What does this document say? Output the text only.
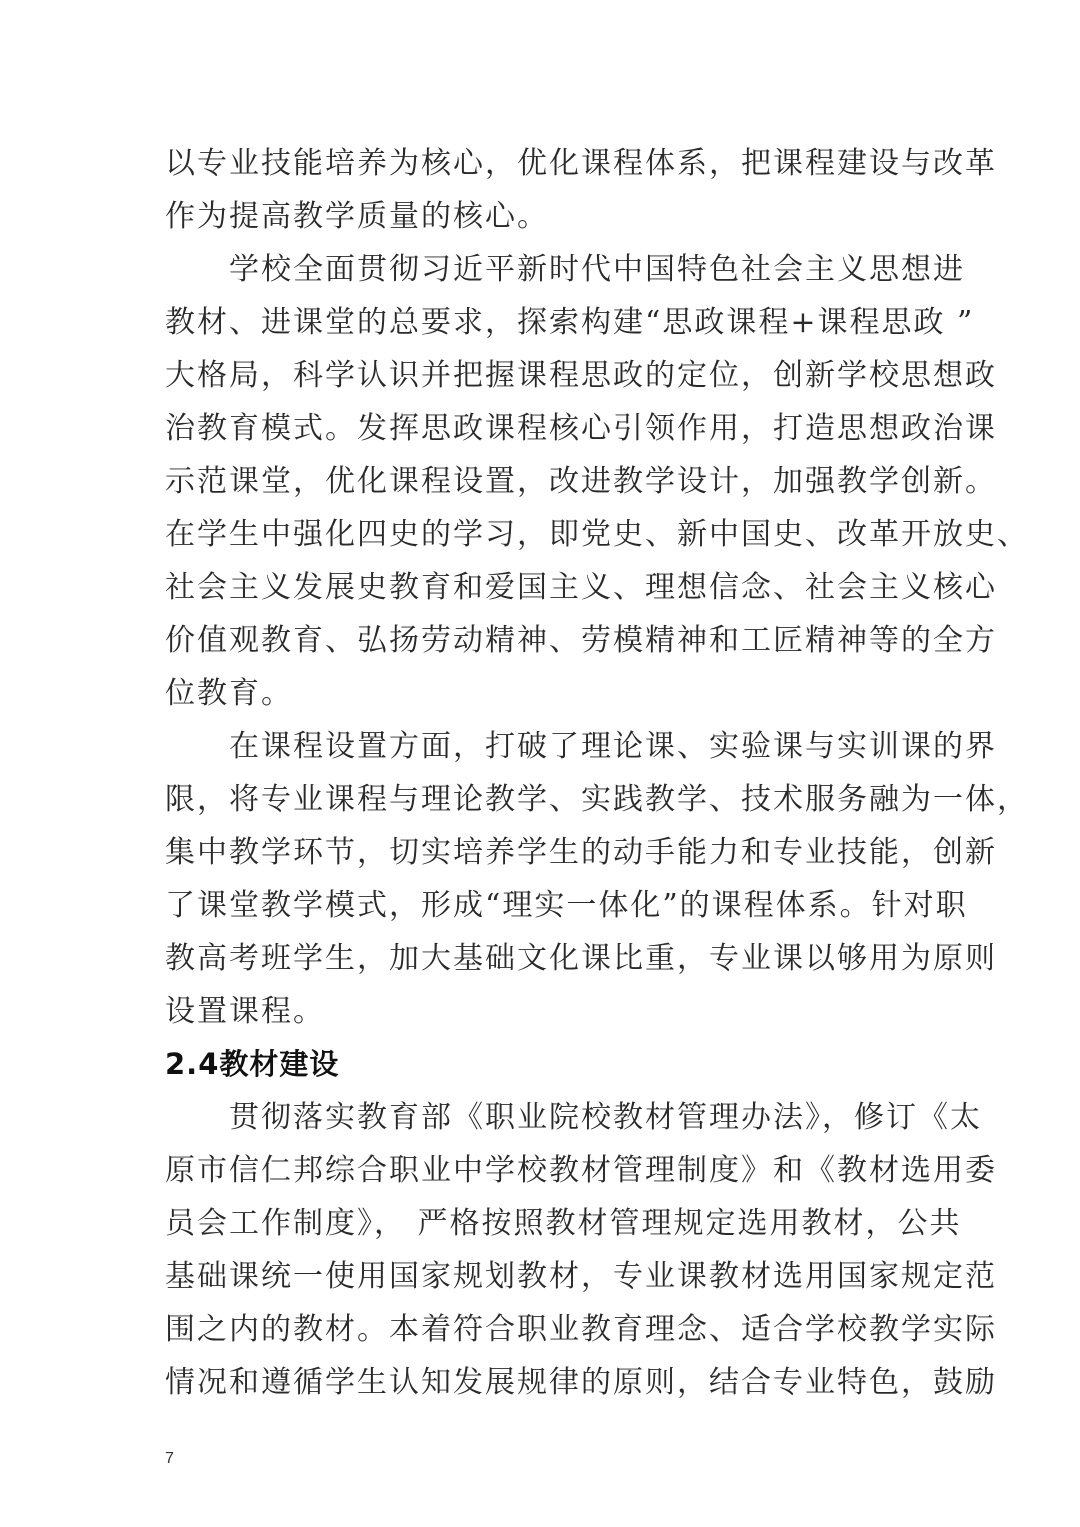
以专业技能培养为核心，优化课程体系，把课程建设与改革
作为提高教学质量的核心。
　　学校全面贯彻习近平新时代中国特色社会主义思想进
教材、进课堂的总要求，探索构建“思政课程+课程思政 ”
大格局，科学认识并把握课程思政的定位，创新学校思想政
治教育模式。发挥思政课程核心引领作用，打造思想政治课
示范课堂，优化课程设置，改进教学设计，加强教学创新。
在学生中强化四史的学习，即党史、新中国史、改革开放史、
社会主义发展史教育和爱国主义、理想信念、社会主义核心
价值观教育、弘扬劳动精神、劳模精神和工匠精神等的全方
位教育。
　　在课程设置方面，打破了理论课、实验课与实训课的界
限，将专业课程与理论教学、实践教学、技术服务融为一体，
集中教学环节，切实培养学生的动手能力和专业技能，创新
了课堂教学模式，形成“理实一体化”的课程体系。针对职
教高考班学生，加大基础文化课比重，专业课以够用为原则
设置课程。
2.4教材建设
　　贯彻落实教育部《职业院校教材管理办法》，修订《太
原市信仁邦综合职业中学校教材管理制度》和《教材选用委
员会工作制度》， 严格按照教材管理规定选用教材，公共
基础课统一使用国家规划教材，专业课教材选用国家规定范
围之内的教材。本着符合职业教育理念、适合学校教学实际
情况和遵循学生认知发展规律的原则，结合专业特色，鼓励
7
